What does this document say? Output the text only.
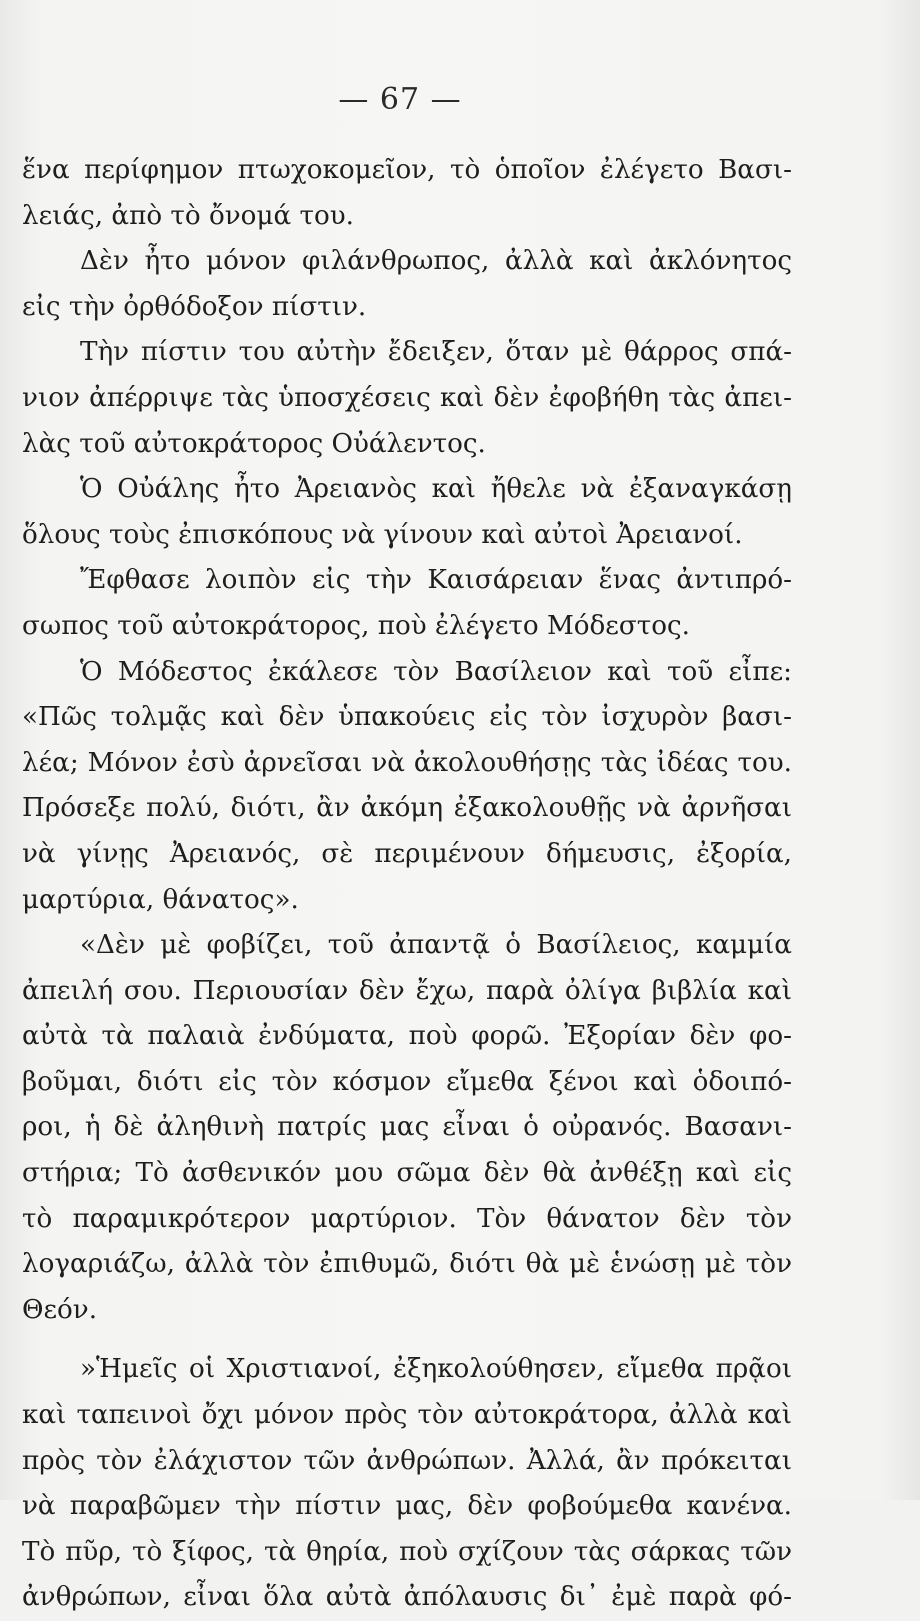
— 67 —
ἕνα περίφημον πτωχοκομεῖον, τὸ ὁποῖον ἐλέγετο Βασι-
λειάς, ἀπὸ τὸ ὄνομά του.
Δὲν ἦτο μόνον φιλάνθρωπος, ἀλλὰ καὶ ἀκλόνητος
εἰς τὴν ὀρθόδοξον πίστιν.
Τὴν πίστιν του αὐτὴν ἔδειξεν, ὅταν μὲ θάρρος σπά-
νιον ἀπέρριψε τὰς ὑποσχέσεις καὶ δὲν ἐφοβήθη τὰς ἀπει-
λὰς τοῦ αὐτοκράτορος Οὐάλεντος.
Ὁ Οὐάλης ἦτο Ἀρειανὸς καὶ ἤθελε νὰ ἐξαναγκάσῃ
ὅλους τοὺς ἐπισκόπους νὰ γίνουν καὶ αὐτοὶ Ἀρειανοί.
Ἔφθασε λοιπὸν εἰς τὴν Καισάρειαν ἕνας ἀντιπρό-
σωπος τοῦ αὐτοκράτορος, ποὺ ἐλέγετο Μόδεστος.
Ὁ Μόδεστος ἐκάλεσε τὸν Βασίλειον καὶ τοῦ εἶπε:
«Πῶς τολμᾷς καὶ δὲν ὑπακούεις εἰς τὸν ἰσχυρὸν βασι-
λέα; Μόνον ἐσὺ ἀρνεῖσαι νὰ ἀκολουθήσῃς τὰς ἰδέας του.
Πρόσεξε πολύ, διότι, ἂν ἀκόμη ἐξακολουθῇς νὰ ἀρνῆσαι
νὰ γίνῃς Ἀρειανός, σὲ περιμένουν δήμευσις, ἐξορία,
μαρτύρια, θάνατος».
«Δὲν μὲ φοβίζει, τοῦ ἀπαντᾷ ὁ Βασίλειος, καμμία
ἀπειλή σου. Περιουσίαν δὲν ἔχω, παρὰ ὀλίγα βιβλία καὶ
αὐτὰ τὰ παλαιὰ ἐνδύματα, ποὺ φορῶ. Ἐξορίαν δὲν φο-
βοῦμαι, διότι εἰς τὸν κόσμον εἴμεθα ξένοι καὶ ὁδοιπό-
ροι, ἡ δὲ ἀληθινὴ πατρίς μας εἶναι ὁ οὐρανός. Βασανι-
στήρια; Τὸ ἀσθενικόν μου σῶμα δὲν θὰ ἀνθέξῃ καὶ εἰς
τὸ παραμικρότερον μαρτύριον. Τὸν θάνατον δὲν τὸν
λογαριάζω, ἀλλὰ τὸν ἐπιθυμῶ, διότι θὰ μὲ ἑνώσῃ μὲ τὸν
Θεόν.
»Ἡμεῖς οἱ Χριστιανοί, ἐξηκολούθησεν, εἴμεθα πρᾷοι
καὶ ταπεινοὶ ὄχι μόνον πρὸς τὸν αὐτοκράτορα, ἀλλὰ καὶ
πρὸς τὸν ἐλάχιστον τῶν ἀνθρώπων. Ἀλλά, ἂν πρόκειται
νὰ παραβῶμεν τὴν πίστιν μας, δὲν φοβούμεθα κανένα.
Τὸ πῦρ, τὸ ξίφος, τὰ θηρία, ποὺ σχίζουν τὰς σάρκας τῶν
ἀνθρώπων, εἶναι ὅλα αὐτὰ ἀπόλαυσις δι᾽ ἐμὲ παρὰ φό-
